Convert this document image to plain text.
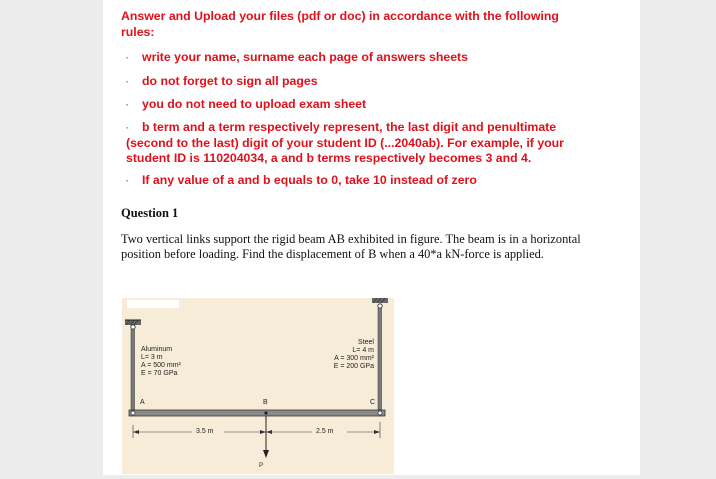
Answer and Upload your files (pdf or doc) in accordance with the following
rules:
· write your name, surname each page of answers sheets
· do not forget to sign all pages
· you do not need to upload exam sheet
· b term and a term respectively represent, the last digit and penultimate
(second to the last) digit of your student ID (...2040ab). For example, if your
student ID is 110204034, a and b terms respectively becomes 3 and 4.
· If any value of a and b equals to 0, take 10 instead of zero
Question 1
Two vertical links support the rigid beam AB exhibited in figure. The beam is in a horizontal
position before loading. Find the displacement of B when a 40*a kN-force is applied.
Aluminum
L= 3 m
A = 500 mm²
E = 70 GPa
Steel
L= 4 m
A = 300 mm²
E = 200 GPa
A	B	C
P
3.5 m	2.5 m
